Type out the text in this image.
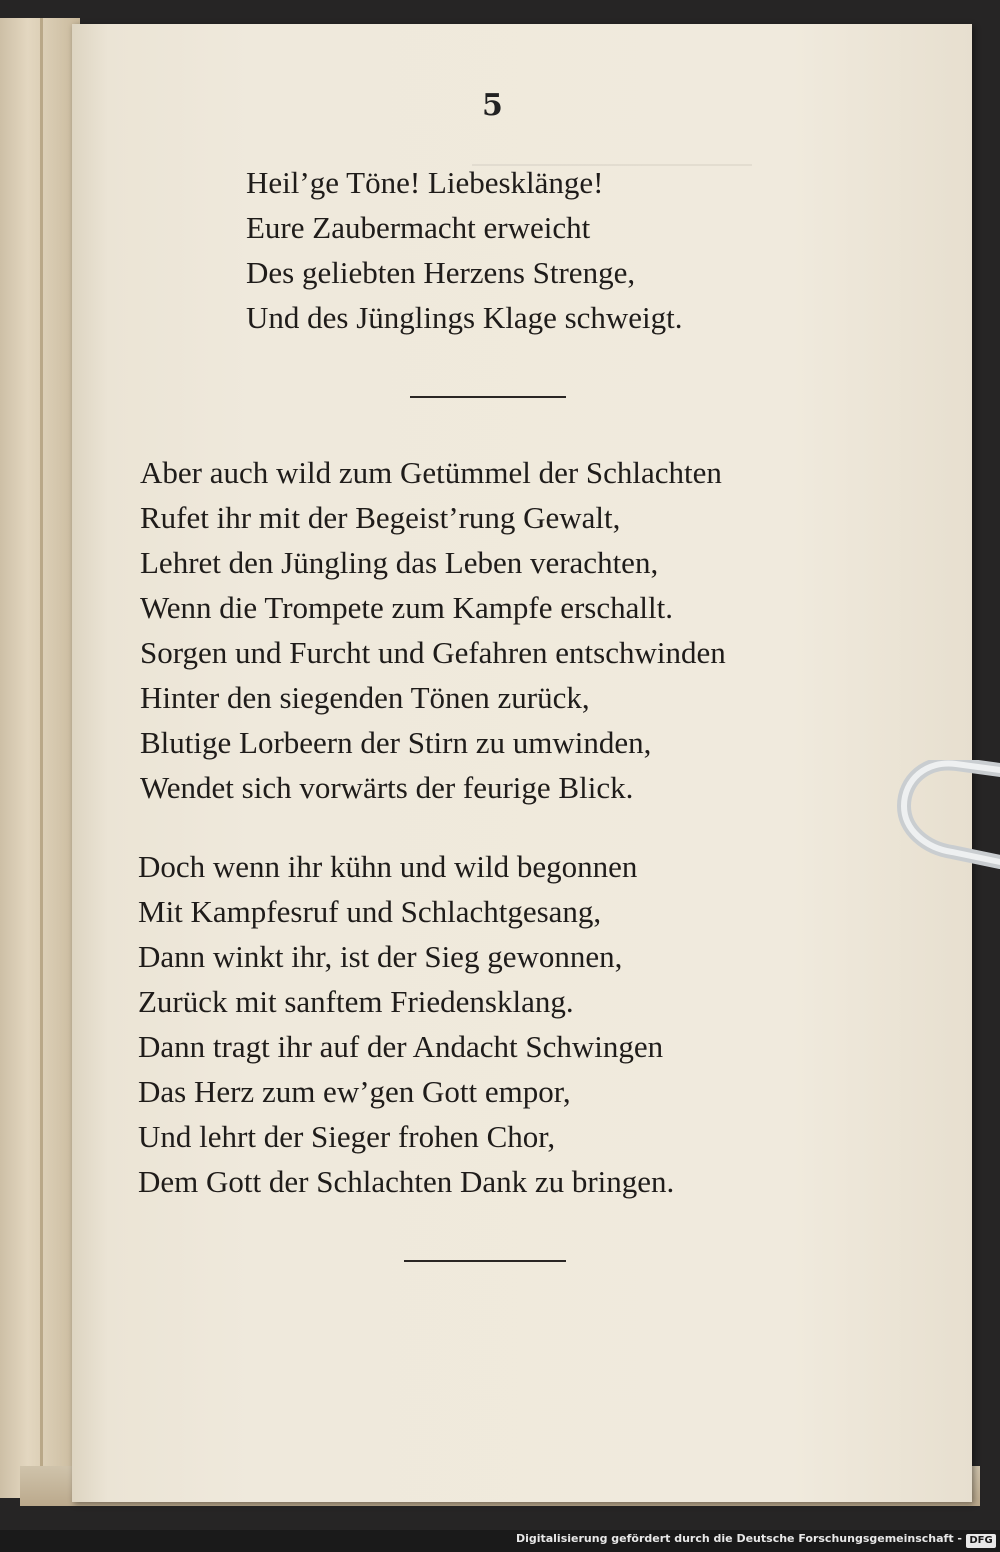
5
Heil’ge Töne! Liebesklänge!
Eure Zaubermacht erweicht
Des geliebten Herzens Strenge,
Und des Jünglings Klage schweigt.
Aber auch wild zum Getümmel der Schlachten
Rufet ihr mit der Begeist’rung Gewalt,
Lehret den Jüngling das Leben verachten,
Wenn die Trompete zum Kampfe erschallt.
Sorgen und Furcht und Gefahren entschwinden
Hinter den siegenden Tönen zurück,
Blutige Lorbeern der Stirn zu umwinden,
Wendet sich vorwärts der feurige Blick.
Doch wenn ihr kühn und wild begonnen
Mit Kampfesruf und Schlachtgesang,
Dann winkt ihr, ist der Sieg gewonnen,
Zurück mit sanftem Friedensklang.
Dann tragt ihr auf der Andacht Schwingen
Das Herz zum ew’gen Gott empor,
Und lehrt der Sieger frohen Chor,
Dem Gott der Schlachten Dank zu bringen.
Digitalisierung gefördert durch die Deutsche Forschungsgemeinschaft - DFG
